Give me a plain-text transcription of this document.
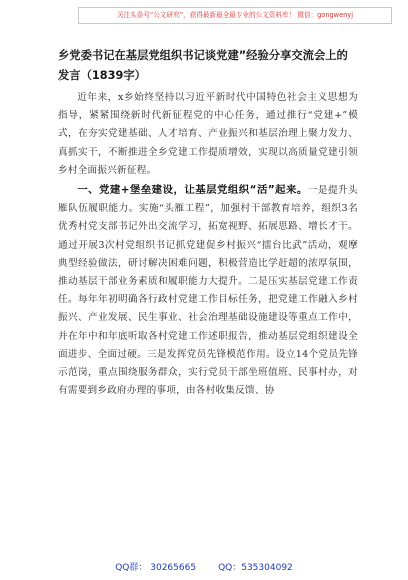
关注头条号“公文研究”，获得最新最全最专业的公文资料库！ 微信：gongwenyj

乡党委书记在基层党组织书记谈党建”经验分享交流会上的发言（1839字）

近年来，x乡始终坚持以习近平新时代中国特色社会主义思想为指导，紧紧围绕新时代新征程党的中心任务，通过推行“党建+”模式，在夯实党建基础、人才培育、产业振兴和基层治理上聚力发力、真抓实干，不断推进全乡党建工作提质增效，实现以高质量党建引领乡村全面振兴新征程。

一、党建+堡垒建设，让基层党组织“活”起来。一是提升头雁队伍履职能力。实施“头雁工程”，加强村干部教育培养，组织3名优秀村党支部书记外出交流学习，拓宽视野、拓展思路、增长才干。通过开展3次村党组织书记抓党建促乡村振兴“擂台比武”活动，观摩典型经验做法，研讨解决困难问题，积极营造比学赶超的浓厚氛围，推动基层干部业务素质和履职能力大提升。二是压实基层党建工作责任。每年年初明确各行政村党建工作目标任务，把党建工作融入乡村振兴、产业发展、民生事业、社会治理基础设施建设等重点工作中，并在年中和年底听取各村党建工作述职报告，推动基层党组织建设全面进步、全面过硬。三是发挥党员先锋模范作用。设立14个党员先锋示范岗，重点围绕服务群众，实行党员干部坐班值班、民事村办，对有需要到乡政府办理的事项，由各村收集反馈、协

QQ群： 30265665 QQ：535304092
